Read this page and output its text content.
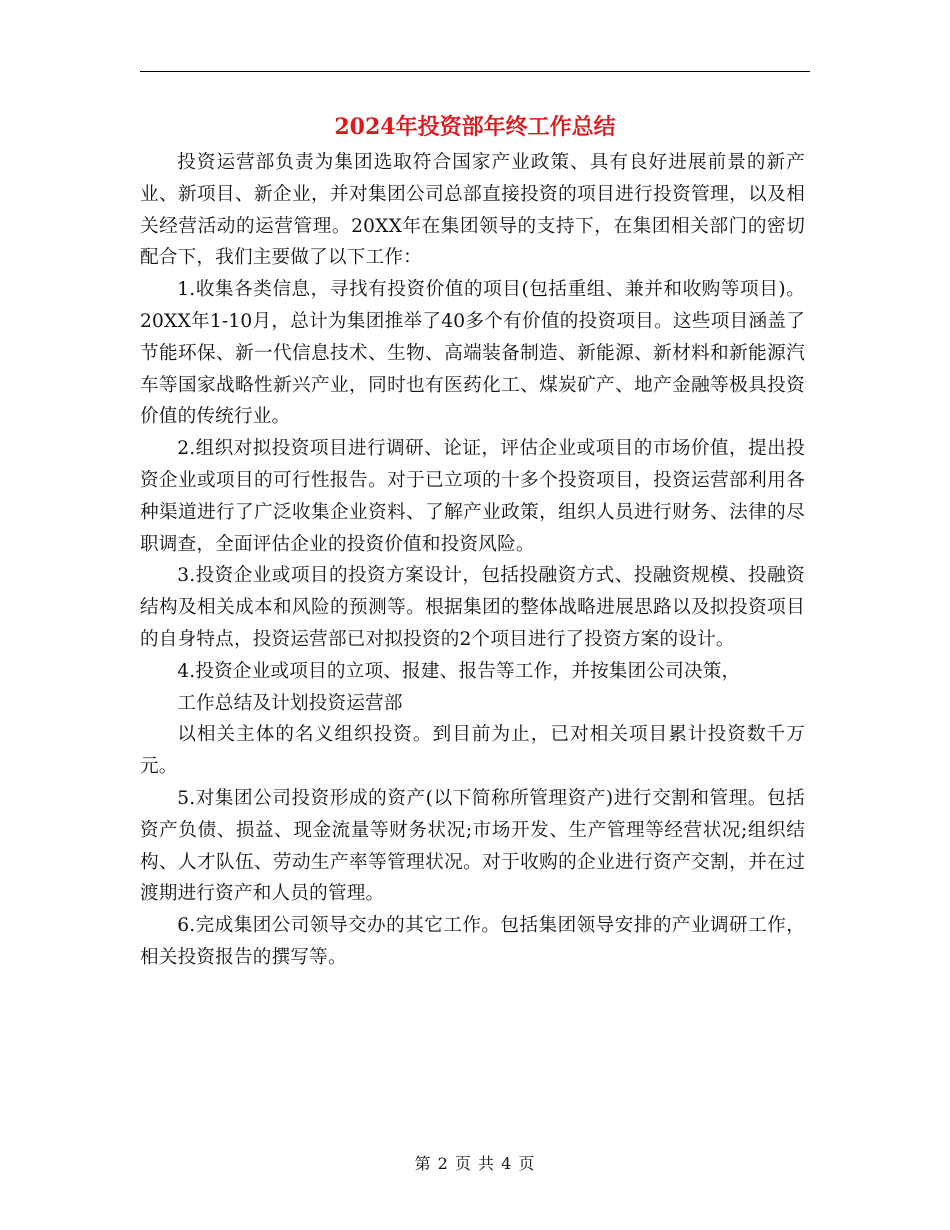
2024年投资部年终工作总结

投资运营部负责为集团选取符合国家产业政策、具有良好进展前景的新产业、新项目、新企业，并对集团公司总部直接投资的项目进行投资管理，以及相关经营活动的运营管理。20XX年在集团领导的支持下，在集团相关部门的密切配合下，我们主要做了以下工作：

1.收集各类信息，寻找有投资价值的项目(包括重组、兼并和收购等项目)。20XX年1-10月，总计为集团推举了40多个有价值的投资项目。这些项目涵盖了节能环保、新一代信息技术、生物、高端装备制造、新能源、新材料和新能源汽车等国家战略性新兴产业，同时也有医药化工、煤炭矿产、地产金融等极具投资价值的传统行业。

2.组织对拟投资项目进行调研、论证，评估企业或项目的市场价值，提出投资企业或项目的可行性报告。对于已立项的十多个投资项目，投资运营部利用各种渠道进行了广泛收集企业资料、了解产业政策，组织人员进行财务、法律的尽职调查，全面评估企业的投资价值和投资风险。

3.投资企业或项目的投资方案设计，包括投融资方式、投融资规模、投融资结构及相关成本和风险的预测等。根据集团的整体战略进展思路以及拟投资项目的自身特点，投资运营部已对拟投资的2个项目进行了投资方案的设计。

4.投资企业或项目的立项、报建、报告等工作，并按集团公司决策，

工作总结及计划投资运营部

以相关主体的名义组织投资。到目前为止，已对相关项目累计投资数千万元。

5.对集团公司投资形成的资产(以下简称所管理资产)进行交割和管理。包括资产负债、损益、现金流量等财务状况;市场开发、生产管理等经营状况;组织结构、人才队伍、劳动生产率等管理状况。对于收购的企业进行资产交割，并在过渡期进行资产和人员的管理。

6.完成集团公司领导交办的其它工作。包括集团领导安排的产业调研工作，相关投资报告的撰写等。

第 2 页 共 4 页
